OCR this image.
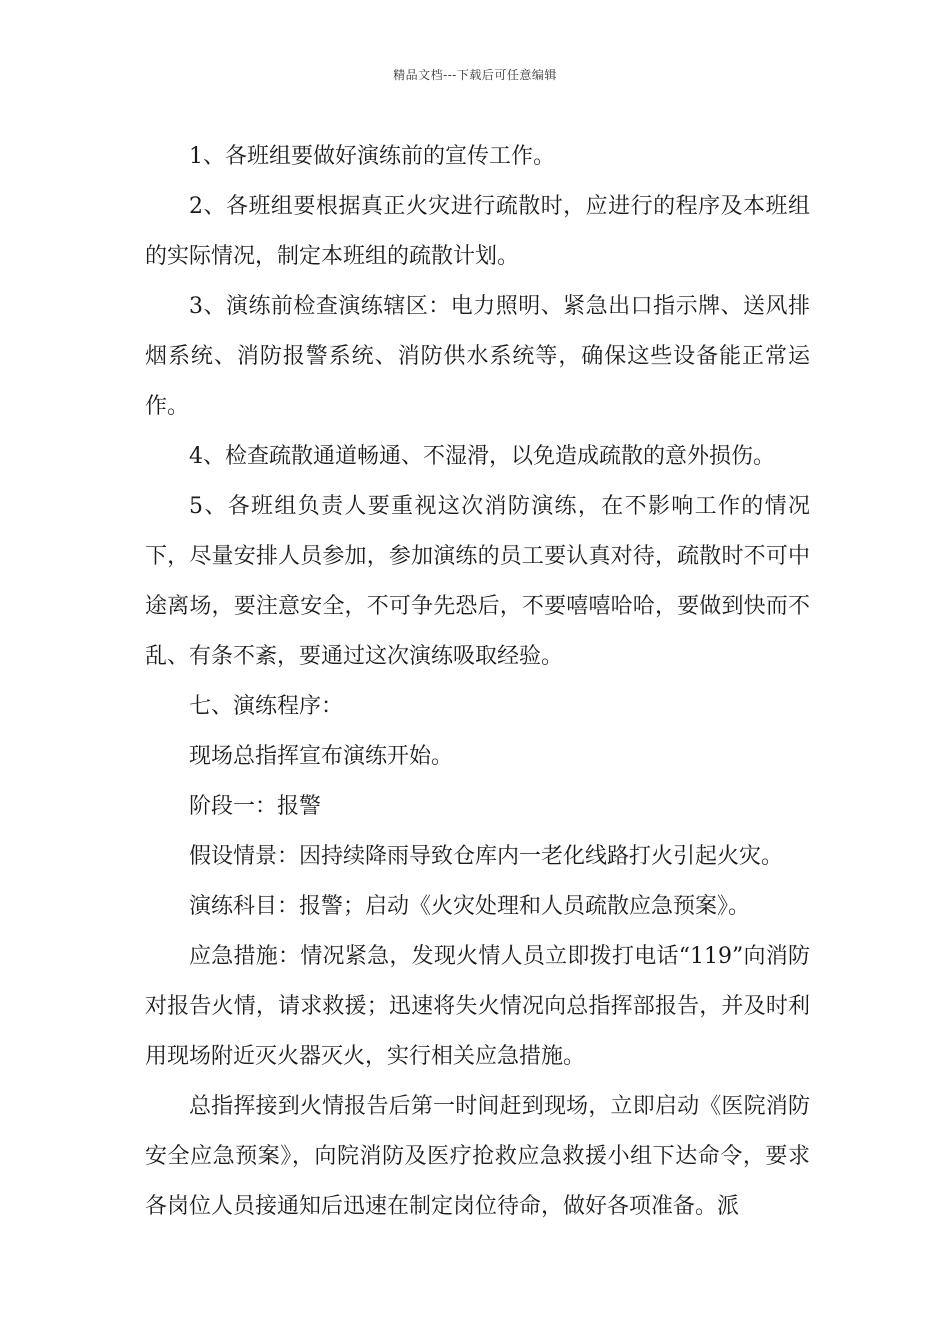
精品文档---下载后可任意编辑

1、各班组要做好演练前的宣传工作。

2、各班组要根据真正火灾进行疏散时，应进行的程序及本班组的实际情况，制定本班组的疏散计划。

3、演练前检查演练辖区：电力照明、紧急出口指示牌、送风排烟系统、消防报警系统、消防供水系统等，确保这些设备能正常运作。

4、检查疏散通道畅通、不湿滑，以免造成疏散的意外损伤。

5、各班组负责人要重视这次消防演练，在不影响工作的情况下，尽量安排人员参加，参加演练的员工要认真对待，疏散时不可中途离场，要注意安全，不可争先恐后，不要嘻嘻哈哈，要做到快而不乱、有条不紊，要通过这次演练吸取经验。

七、演练程序：

现场总指挥宣布演练开始。

阶段一：报警

假设情景：因持续降雨导致仓库内一老化线路打火引起火灾。

演练科目：报警；启动《火灾处理和人员疏散应急预案》。

应急措施：情况紧急，发现火情人员立即拨打电话“119”向消防对报告火情，请求救援；迅速将失火情况向总指挥部报告，并及时利用现场附近灭火器灭火，实行相关应急措施。

总指挥接到火情报告后第一时间赶到现场，立即启动《医院消防安全应急预案》，向院消防及医疗抢救应急救援小组下达命令，要求各岗位人员接通知后迅速在制定岗位待命，做好各项准备。派
